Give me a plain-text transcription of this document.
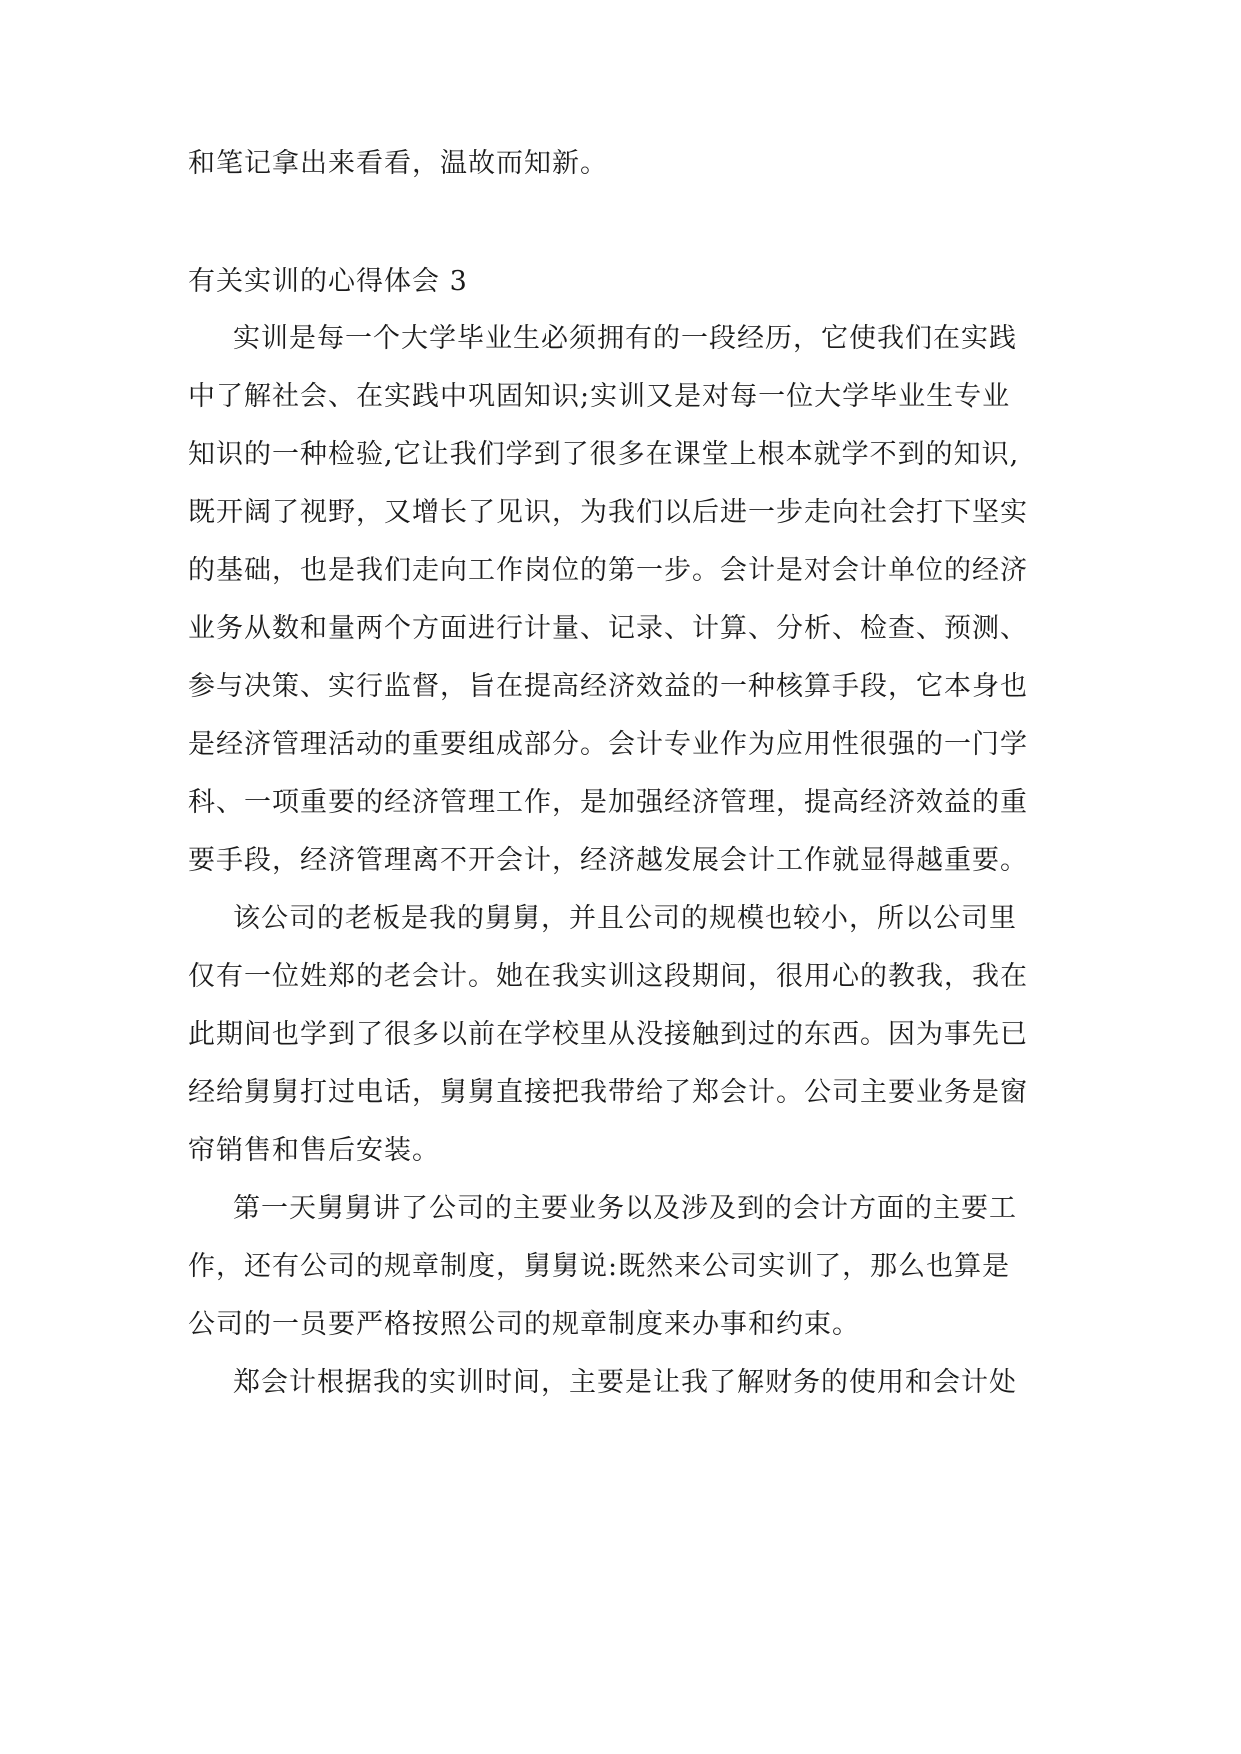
和笔记拿出来看看，温故而知新。
有关实训的心得体会 3
实训是每一个大学毕业生必须拥有的一段经历，它使我们在实践
中了解社会、在实践中巩固知识;实训又是对每一位大学毕业生专业
知识的一种检验,它让我们学到了很多在课堂上根本就学不到的知识,
既开阔了视野，又增长了见识，为我们以后进一步走向社会打下坚实
的基础，也是我们走向工作岗位的第一步。会计是对会计单位的经济
业务从数和量两个方面进行计量、记录、计算、分析、检查、预测、
参与决策、实行监督，旨在提高经济效益的一种核算手段，它本身也
是经济管理活动的重要组成部分。会计专业作为应用性很强的一门学
科、一项重要的经济管理工作，是加强经济管理，提高经济效益的重
要手段，经济管理离不开会计，经济越发展会计工作就显得越重要。
该公司的老板是我的舅舅，并且公司的规模也较小，所以公司里
仅有一位姓郑的老会计。她在我实训这段期间，很用心的教我，我在
此期间也学到了很多以前在学校里从没接触到过的东西。因为事先已
经给舅舅打过电话，舅舅直接把我带给了郑会计。公司主要业务是窗
帘销售和售后安装。
第一天舅舅讲了公司的主要业务以及涉及到的会计方面的主要工
作，还有公司的规章制度，舅舅说:既然来公司实训了，那么也算是
公司的一员要严格按照公司的规章制度来办事和约束。
郑会计根据我的实训时间，主要是让我了解财务的使用和会计处
